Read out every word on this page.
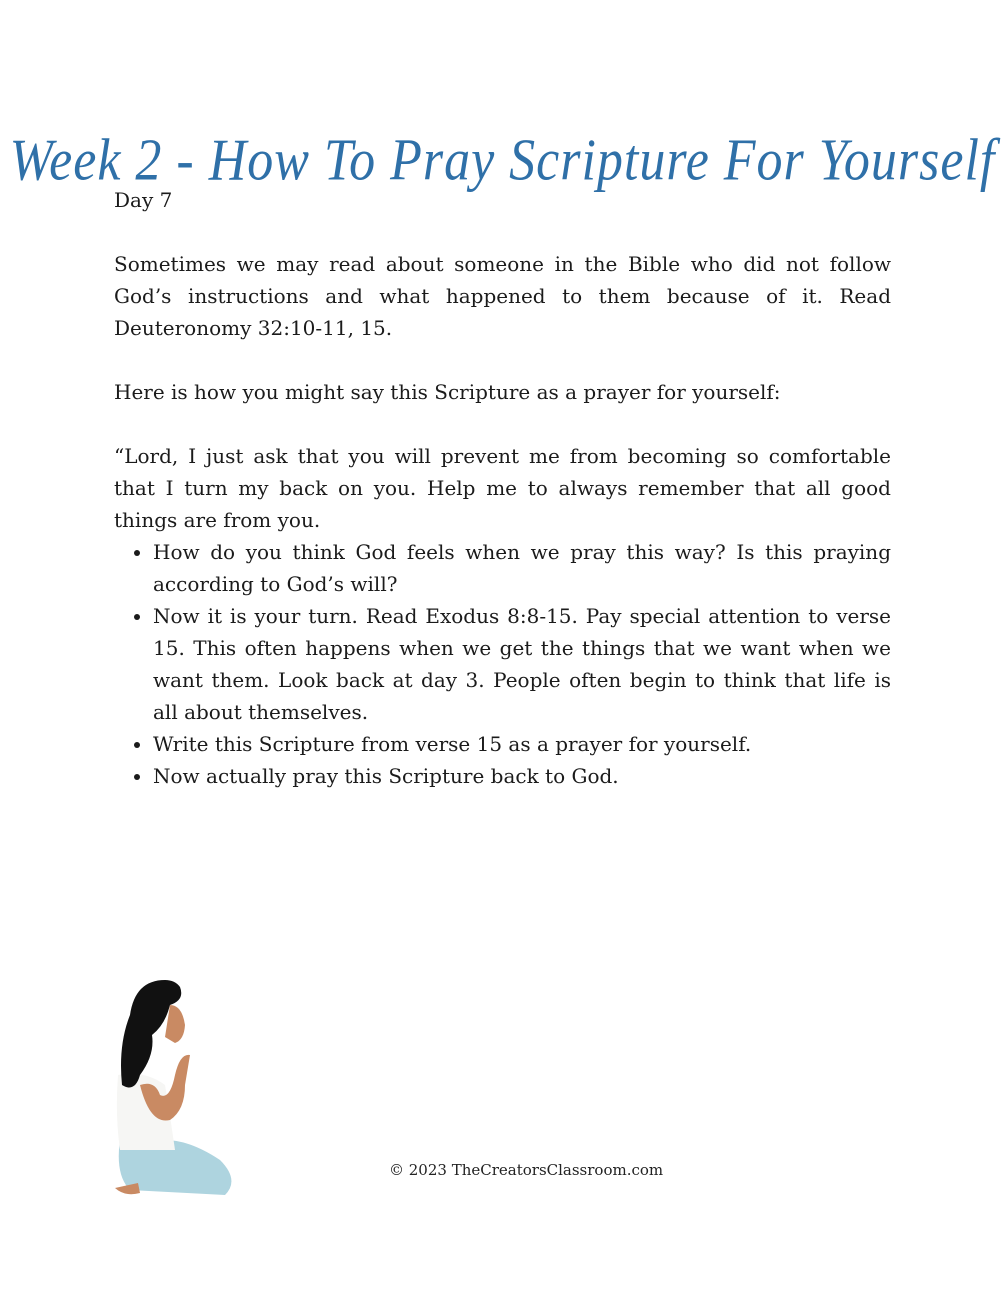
Week 2 - How To Pray Scripture For Yourself

Day 7

Sometimes we may read about someone in the Bible who did not follow God’s instructions and what happened to them because of it. Read Deuteronomy 32:10-11, 15.

Here is how you might say this Scripture as a prayer for yourself:

“Lord, I just ask that you will prevent me from becoming so comfortable that I turn my back on you. Help me to always remember that all good things are from you.

• How do you think God feels when we pray this way? Is this praying according to God’s will?
• Now it is your turn. Read Exodus 8:8-15. Pay special attention to verse 15. This often happens when we get the things that we want when we want them. Look back at day 3. People often begin to think that life is all about themselves.
• Write this Scripture from verse 15 as a prayer for yourself.
• Now actually pray this Scripture back to God.
© 2023 TheCreatorsClassroom.com
